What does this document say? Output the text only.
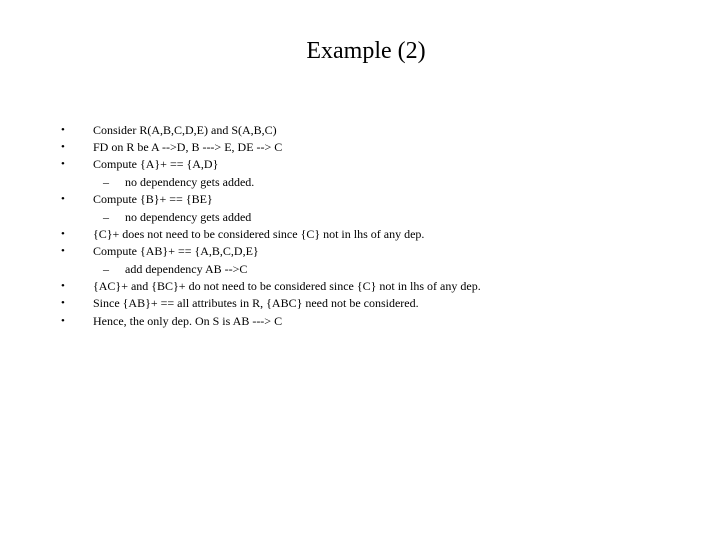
Example (2)
• Consider R(A,B,C,D,E) and S(A,B,C)
• FD on R be A -->D, B ---> E, DE --> C
• Compute {A}+ == {A,D}
– no dependency gets added.
• Compute {B}+ == {BE}
– no dependency gets added
• {C}+ does not need to be considered since {C} not in lhs of any dep.
• Compute {AB}+ == {A,B,C,D,E}
– add dependency AB -->C
• {AC}+ and {BC}+ do not need to be considered since {C} not in lhs of any dep.
• Since {AB}+ == all attributes in R, {ABC} need not be considered.
• Hence, the only dep. On S is AB ---> C
